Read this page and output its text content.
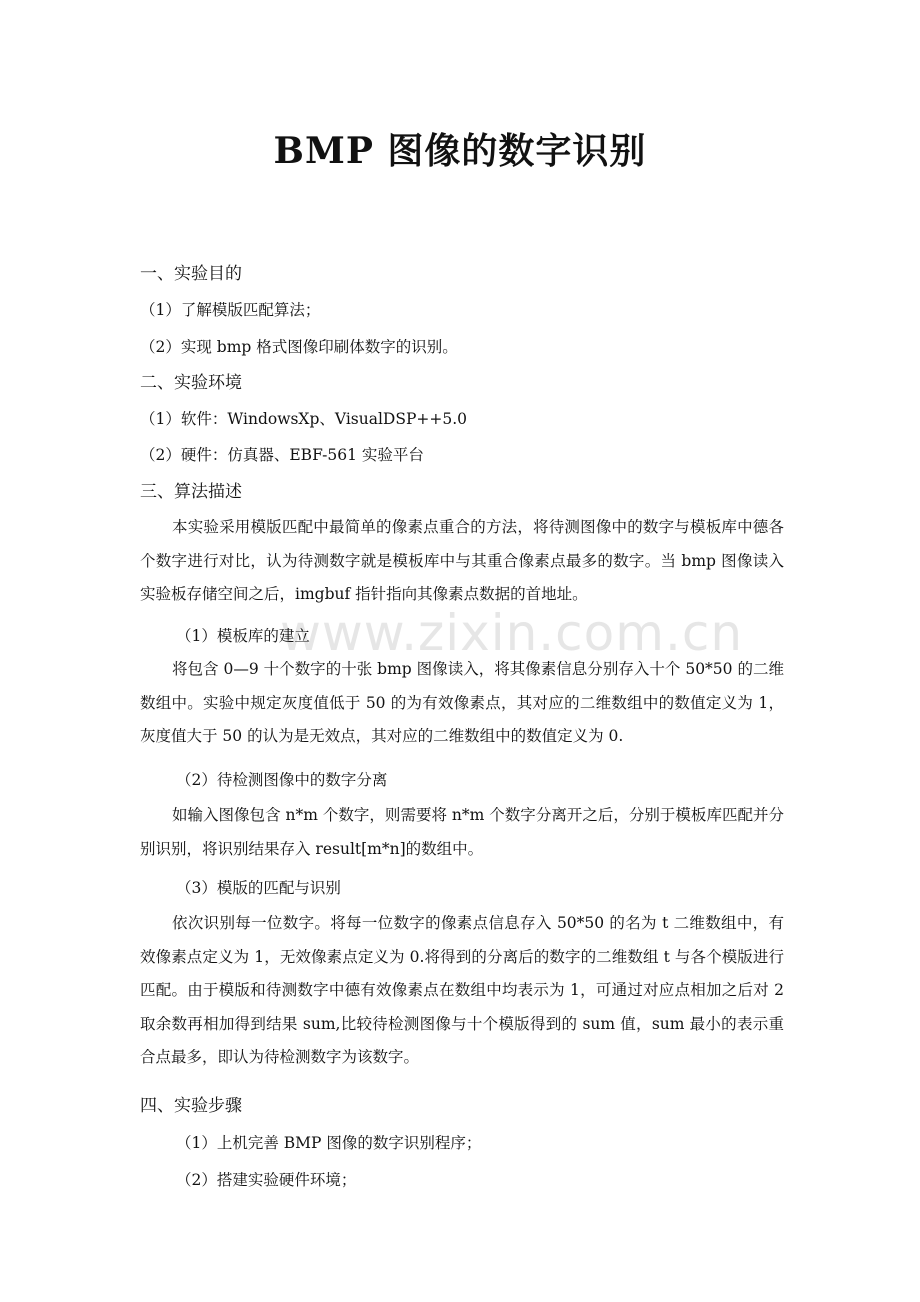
www.zixin.com.cn
BMP 图像的数字识别
一、实验目的
（1）了解模版匹配算法；
（2）实现 bmp 格式图像印刷体数字的识别。
二、实验环境
（1）软件：WindowsXp、VisualDSP++5.0
（2）硬件：仿真器、EBF-561 实验平台
三、算法描述
本实验采用模版匹配中最简单的像素点重合的方法，将待测图像中的数字与模板库中德各个数字进行对比，认为待测数字就是模板库中与其重合像素点最多的数字。当 bmp 图像读入实验板存储空间之后，imgbuf 指针指向其像素点数据的首地址。
（1）模板库的建立
将包含 0—9 十个数字的十张 bmp 图像读入，将其像素信息分别存入十个 50*50 的二维数组中。实验中规定灰度值低于 50 的为有效像素点，其对应的二维数组中的数值定义为 1，灰度值大于 50 的认为是无效点，其对应的二维数组中的数值定义为 0.
（2）待检测图像中的数字分离
如输入图像包含 n*m 个数字，则需要将 n*m 个数字分离开之后，分别于模板库匹配并分别识别，将识别结果存入 result[m*n]的数组中。
（3）模版的匹配与识别
依次识别每一位数字。将每一位数字的像素点信息存入 50*50 的名为 t 二维数组中，有效像素点定义为 1，无效像素点定义为 0.将得到的分离后的数字的二维数组 t 与各个模版进行匹配。由于模版和待测数字中德有效像素点在数组中均表示为 1，可通过对应点相加之后对 2 取余数再相加得到结果 sum,比较待检测图像与十个模版得到的 sum 值，sum 最小的表示重合点最多，即认为待检测数字为该数字。
四、实验步骤
（1）上机完善 BMP 图像的数字识别程序；
（2）搭建实验硬件环境；
